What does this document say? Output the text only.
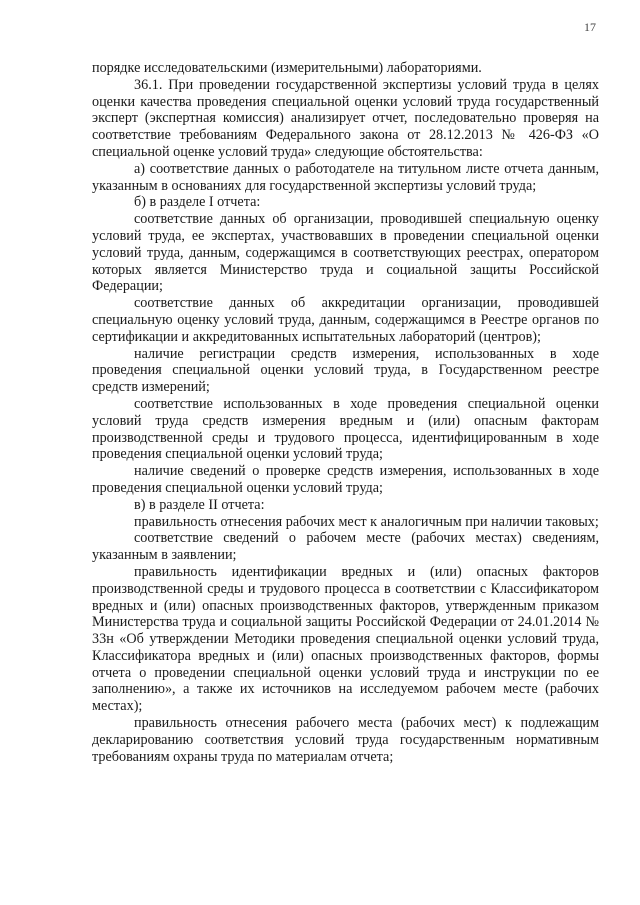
17

порядке исследовательскими (измерительными) лабораториями.

36.1. При проведении государственной экспертизы условий труда в целях оценки качества проведения специальной оценки условий труда государственный эксперт (экспертная комиссия) анализирует отчет, последовательно проверяя на соответствие требованиям Федерального закона от 28.12.2013 № 426-ФЗ «О специальной оценке условий труда» следующие обстоятельства:

а) соответствие данных о работодателе на титульном листе отчета данным, указанным в основаниях для государственной экспертизы условий труда;

б) в разделе I отчета:

соответствие данных об организации, проводившей специальную оценку условий труда, ее экспертах, участвовавших в проведении специальной оценки условий труда, данным, содержащимся в соответствующих реестрах, оператором которых является Министерство труда и социальной защиты Российской Федерации;

соответствие данных об аккредитации организации, проводившей специальную оценку условий труда, данным, содержащимся в Реестре органов по сертификации и аккредитованных испытательных лабораторий (центров);

наличие регистрации средств измерения, использованных в ходе проведения специальной оценки условий труда, в Государственном реестре средств измерений;

соответствие использованных в ходе проведения специальной оценки условий труда средств измерения вредным и (или) опасным факторам производственной среды и трудового процесса, идентифицированным в ходе проведения специальной оценки условий труда;

наличие сведений о проверке средств измерения, использованных в ходе проведения специальной оценки условий труда;

в) в разделе II отчета:

правильность отнесения рабочих мест к аналогичным при наличии таковых;

соответствие сведений о рабочем месте (рабочих местах) сведениям, указанным в заявлении;

правильность идентификации вредных и (или) опасных факторов производственной среды и трудового процесса в соответствии с Классификатором вредных и (или) опасных производственных факторов, утвержденным приказом Министерства труда и социальной защиты Российской Федерации от 24.01.2014 № 33н «Об утверждении Методики проведения специальной оценки условий труда, Классификатора вредных и (или) опасных производственных факторов, формы отчета о проведении специальной оценки условий труда и инструкции по ее заполнению», а также их источников на исследуемом рабочем месте (рабочих местах);

правильность отнесения рабочего места (рабочих мест) к подлежащим декларированию соответствия условий труда государственным нормативным требованиям охраны труда по материалам отчета;
